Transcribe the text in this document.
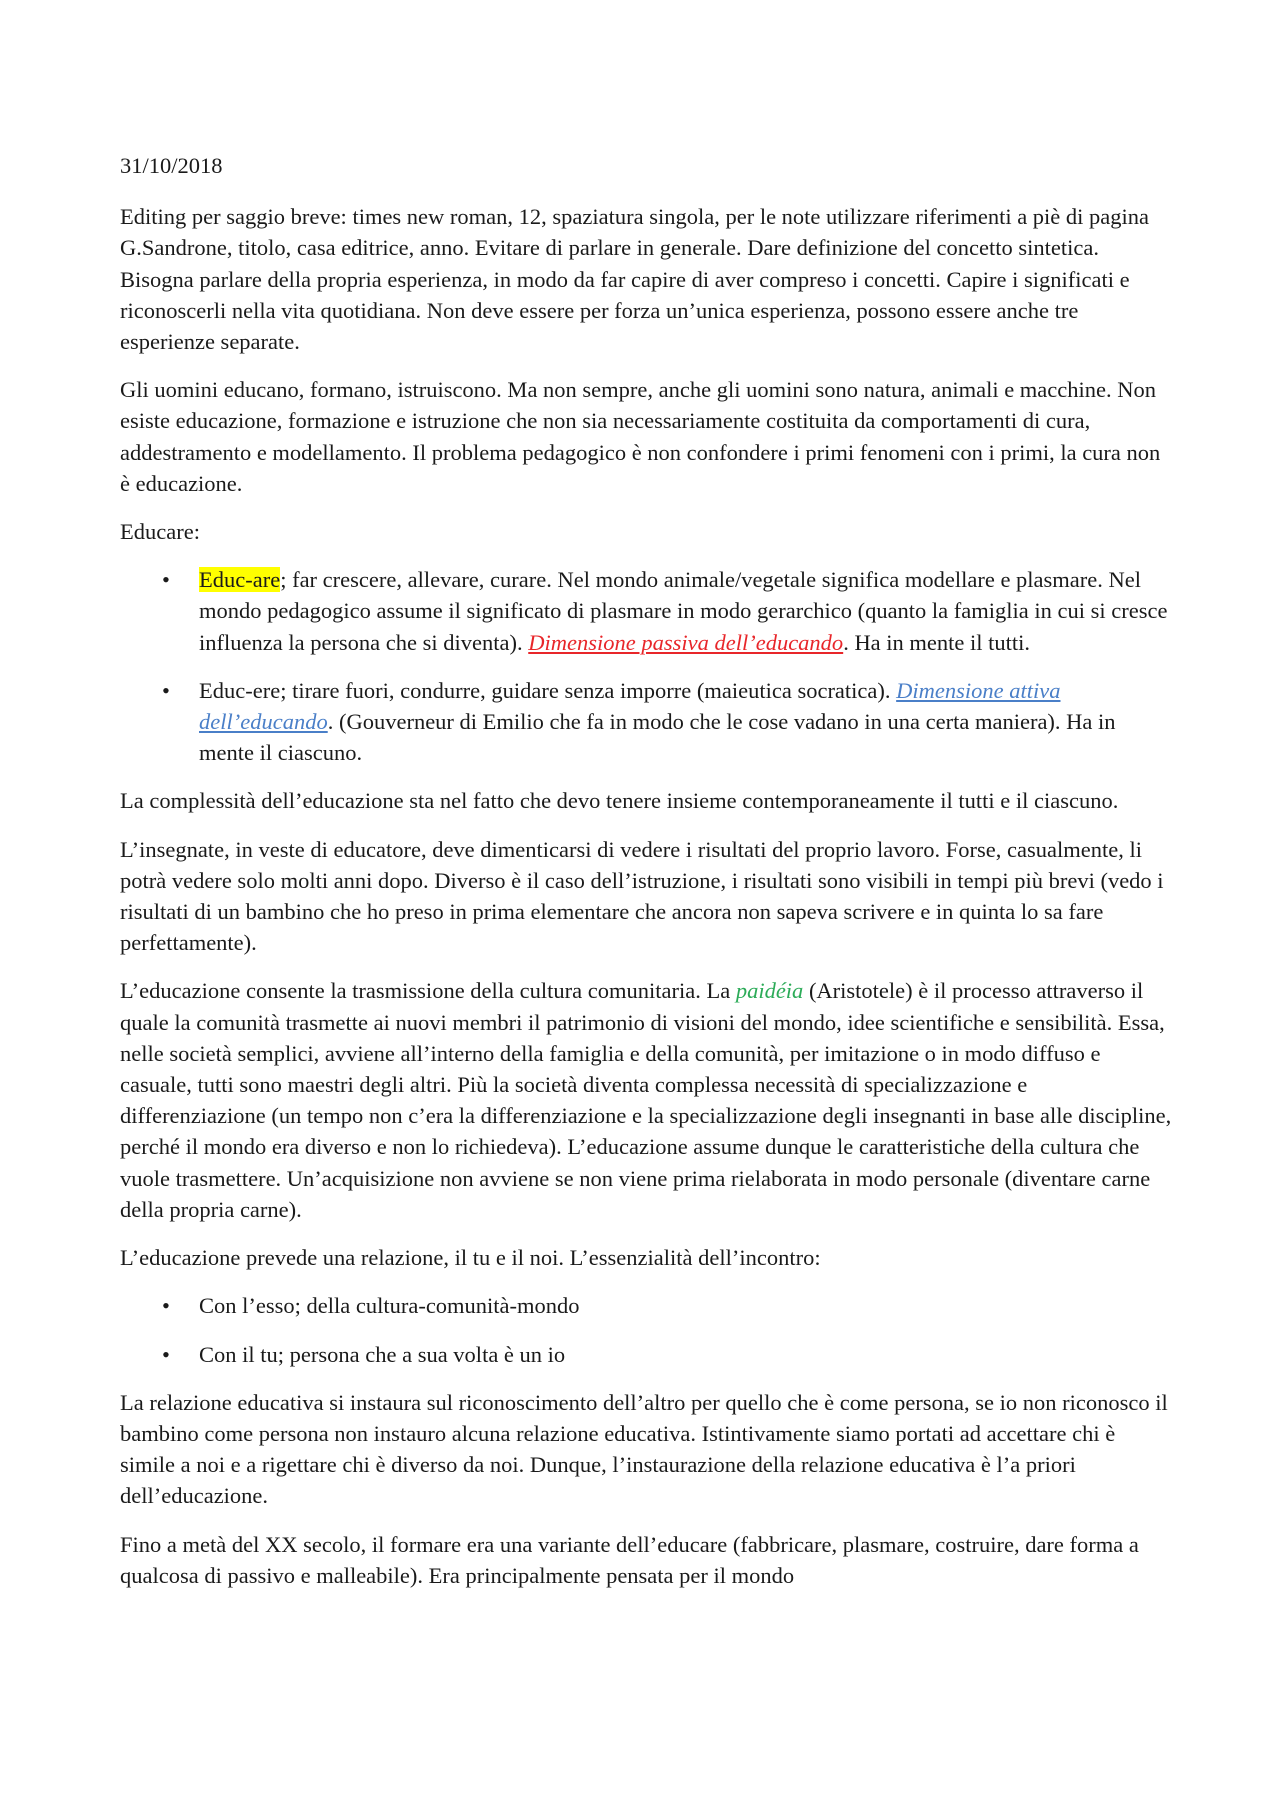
31/10/2018

Editing per saggio breve: times new roman, 12, spaziatura singola, per le note utilizzare riferimenti a piè di pagina G.Sandrone, titolo, casa editrice, anno. Evitare di parlare in generale. Dare definizione del concetto sintetica. Bisogna parlare della propria esperienza, in modo da far capire di aver compreso i concetti. Capire i significati e riconoscerli nella vita quotidiana. Non deve essere per forza un’unica esperienza, possono essere anche tre esperienze separate.

Gli uomini educano, formano, istruiscono. Ma non sempre, anche gli uomini sono natura, animali e macchine. Non esiste educazione, formazione e istruzione che non sia necessariamente costituita da comportamenti di cura, addestramento e modellamento. Il problema pedagogico è non confondere i primi fenomeni con i primi, la cura non è educazione.

Educare:

• Educ-are; far crescere, allevare, curare. Nel mondo animale/vegetale significa modellare e plasmare. Nel mondo pedagogico assume il significato di plasmare in modo gerarchico (quanto la famiglia in cui si cresce influenza la persona che si diventa). Dimensione passiva dell’educando. Ha in mente il tutti.
• Educ-ere; tirare fuori, condurre, guidare senza imporre (maieutica socratica). Dimensione attiva dell’educando. (Gouverneur di Emilio che fa in modo che le cose vadano in una certa maniera). Ha in mente il ciascuno.

La complessità dell’educazione sta nel fatto che devo tenere insieme contemporaneamente il tutti e il ciascuno.

L’insegnate, in veste di educatore, deve dimenticarsi di vedere i risultati del proprio lavoro. Forse, casualmente, li potrà vedere solo molti anni dopo. Diverso è il caso dell’istruzione, i risultati sono visibili in tempi più brevi (vedo i risultati di un bambino che ho preso in prima elementare che ancora non sapeva scrivere e in quinta lo sa fare perfettamente).

L’educazione consente la trasmissione della cultura comunitaria. La paidéia (Aristotele) è il processo attraverso il quale la comunità trasmette ai nuovi membri il patrimonio di visioni del mondo, idee scientifiche e sensibilità. Essa, nelle società semplici, avviene all’interno della famiglia e della comunità, per imitazione o in modo diffuso e casuale, tutti sono maestri degli altri. Più la società diventa complessa necessità di specializzazione e differenziazione (un tempo non c’era la differenziazione e la specializzazione degli insegnanti in base alle discipline, perché il mondo era diverso e non lo richiedeva). L’educazione assume dunque le caratteristiche della cultura che vuole trasmettere. Un’acquisizione non avviene se non viene prima rielaborata in modo personale (diventare carne della propria carne).

L’educazione prevede una relazione, il tu e il noi. L’essenzialità dell’incontro:

• Con l’esso; della cultura-comunità-mondo
• Con il tu; persona che a sua volta è un io

La relazione educativa si instaura sul riconoscimento dell’altro per quello che è come persona, se io non riconosco il bambino come persona non instauro alcuna relazione educativa. Istintivamente siamo portati ad accettare chi è simile a noi e a rigettare chi è diverso da noi. Dunque, l’instaurazione della relazione educativa è l’a priori dell’educazione.

Fino a metà del XX secolo, il formare era una variante dell’educare (fabbricare, plasmare, costruire, dare forma a qualcosa di passivo e malleabile). Era principalmente pensata per il mondo
